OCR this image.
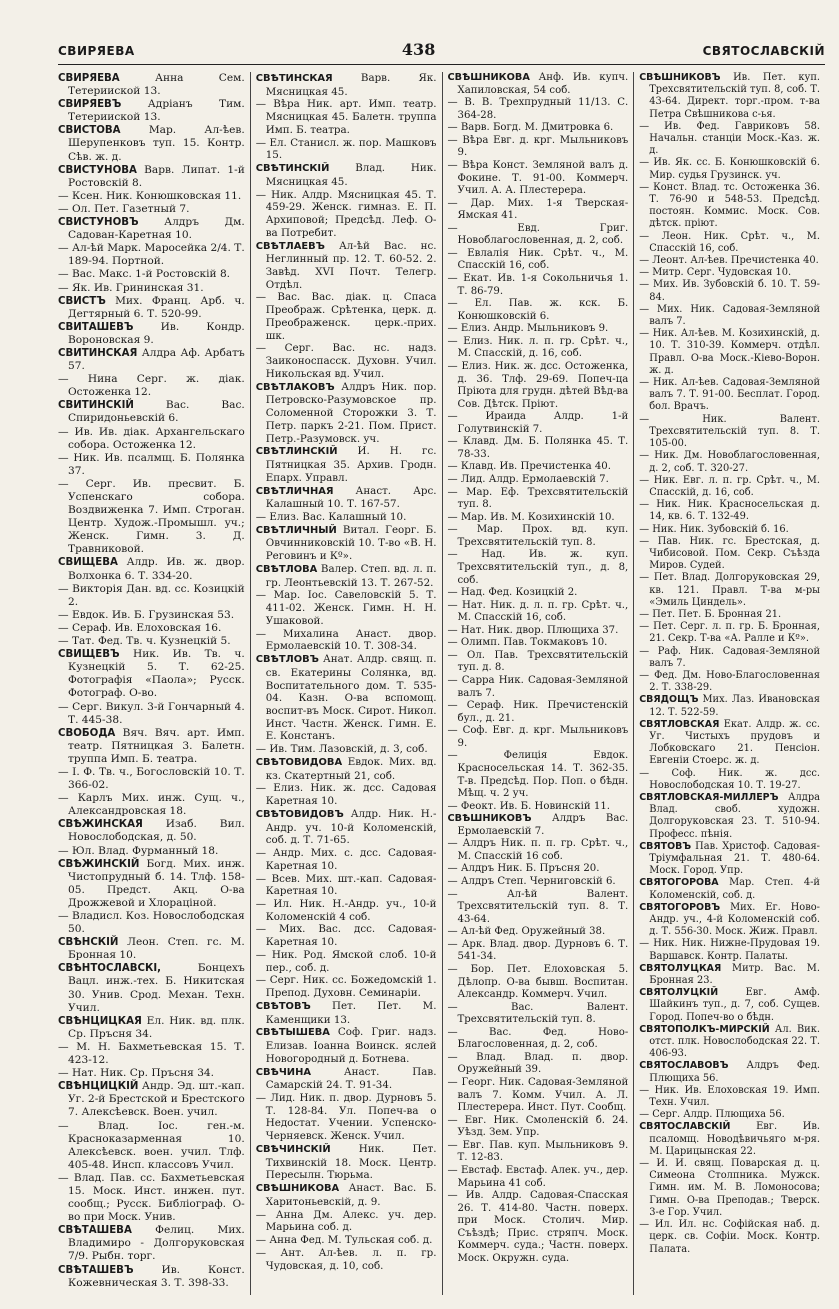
СВИРЯЕВА	438	СВЯТОСЛАВСКІЙ

СВИРЯЕВА Анна Сем. Тетерииской 13.

СВИРЯЕВЪ Адріанъ Тим. Тетерииской 13.

СВИСТОВА Мар. Ал-ѣев. Шерупенковъ туп. 15. Контр. Сѣв. ж. д.

СВИСТУНОВА Варв. Липат. 1-й Ростовскій 8.

— Ксен. Ник. Конюшковская 11.

— Ол. Пет. Газетный 7.

СВИСТУНОВЪ Алдръ Дм. Садован-Каретная 10.

— Ал-ѣй Марк. Маросейка 2/4. Т. 189-94. Портной.

— Вас. Макс. 1-й Ростовскій 8.

— Як. Ив. Грининская 31.

СВИСТЪ Мих. Франц. Арб. ч. Дегтярный 6. Т. 520-99.

СВИТАШЕВЪ Ив. Кондр. Вороновская 9.

СВИТИНСКАЯ Алдра Аф. Арбатъ 57.

— Нина Серг. ж. діак. Остоженка 12.

СВИТИНСКІЙ Вас. Вас. Спиридоньевскій 6.

— Ив. Ив. діак. Архангельскаго собора. Остоженка 12.

— Ник. Ив. псалмщ. Б. Полянка 37.

— Серг. Ив. пресвит. Б. Успенскаго собора. Воздвиженка 7. Имп. Строган. Центр. Худож.-Промышл. уч.; Женск. Гимн. 3. Д. Травниковой.

СВИЩЕВА Алдр. Ив. ж. двор. Волхонка 6. Т. 334-20.

— Викторія Дан. вд. сс. Козицкій 2.

— Евдок. Ив. Б. Грузинская 53.

— Сераф. Ив. Елоховская 16.

— Тат. Фед. Тв. ч. Кузнецкій 5.

СВИЩЕВЪ Ник. Ив. Тв. ч. Кузнецкій 5. Т. 62-25. Фотографія «Паола»; Русск. Фотограф. О-во.

— Серг. Викул. 3-й Гончарный 4. Т. 445-38.

СВОБОДА Вяч. Вяч. арт. Имп. театр. Пятницкая 3. Балетн. труппа Имп. Б. театра.

— І. Ф. Тв. ч., Богословскій 10. Т. 366-02.

— Карлъ Мих. инж. Сущ. ч., Александровская 18.

СВѢЖИНСКАЯ Изаб. Вил. Новослободская, д. 50.

— Юл. Влад. Фурманный 18.

СВѢЖИНСКІЙ Богд. Мих. инж. Чистопрудный б. 14. Тлф. 158-05. Предст. Акц. О-ва Дрожжевой и Хлораціной.

— Владисл. Коз. Новослободская 50.

СВѢНСКІЙ Леон. Степ. гс. М. Бронная 10.

СВѢНТОСЛАВСКІ, Бонцехъ Вацл. инж.-тех. Б. Никитская 30. Унив. Срод. Механ. Техн. Учил.

СВѢНЦИЦКАЯ Ел. Ник. вд. плк. Ср. Пръсня 34.

— М. Н. Бахметьевская 15. Т. 423-12.

— Нат. Ник. Ср. Пръсня 34.

СВѢНЦИЦКІЙ Андр. Эд. шт.-кап. Уг. 2-й Брестской и Брестского 7. Алексѣевск. Воен. учил.

— Влад. Іос. ген.-м. Красноказарменная 10. Алексѣевск. воен. учил. Тлф. 405-48. Инсп. классовъ Учил.

— Влад. Пав. сс. Бахметьевская 15. Моск. Инст. инжен. пут. сообщ.; Русск. Библіограф. О-во при Моск. Унив.

СВѢТАШЕВА Фелиц. Мих. Владимиро - Долгоруковская 7/9. Рыбн. торг.

СВѢТАШЕВЪ Ив. Конст. Кожевническая 3. Т. 398-33.

СВѢТИНСКАЯ Варв. Як. Мясницкая 45.

— Вѣра Ник. арт. Имп. театр. Мясницкая 45. Балетн. труппа Имп. Б. театра.

— Ел. Станисл. ж. пор. Машковъ 15.

СВѢТИНСКІЙ Влад. Ник. Мясницкая 45.

— Ник. Алдр. Мясницкая 45. Т. 459-29. Женск. гимназ. Е. П. Архиповой; Предсѣд. Леф. О-ва Потребит.

СВѢТЛАЕВЪ Ал-ѣй Вас. нс. Неглинный пр. 12. Т. 60-52. 2. Завѣд. XVI Почт. Телегр. Отдѣл.

— Вас. Вас. діак. ц. Спаса Преображ. Срѣтенка, церк. д. Преображенск. церк.-прих. шк.

— Серг. Вас. нс. надз. Заиконоспасск. Духовн. Учил. Никольская вд. Учил.

СВѢТЛАКОВЪ Алдръ Ник. пор. Петровско-Разумовское пр. Соломенной Сторожки 3. Т. Петр. паркъ 2-21. Пом. Прист. Петр.-Разумовск. уч.

СВѢТЛИНСКІЙ И. Н. гс. Пятницкая 35. Архив. Гродн. Епарх. Управл.

СВѢТЛИЧНАЯ Анаст. Арс. Калашный 10. Т. 167-57.

— Елиз. Вас. Калашный 10.

СВѢТЛИЧНЫЙ Витал. Георг. Б. Овчинниковскій 10. Т-во «В. Н. Реговинъ и Кº».

СВѢТЛОВА Валер. Степ. вд. л. п. гр. Леонтьевскій 13. Т. 267-52.

— Мар. Іос. Савеловскій 5. Т. 411-02. Женск. Гимн. Н. Н. Ушаковой.

— Михалина Анаст. двор. Ермолаевскій 10. Т. 308-34.

СВѢТЛОВЪ Анат. Алдр. свящ. п. св. Екатерины Солянка, вд. Воспитательного дом. Т. 535-04. Казн. О-ва вспомощ. воспит-въ Моск. Сирот. Никол. Инст. Частн. Женск. Гимн. Е. Е. Констанъ.

— Ив. Тим. Лазовскій, д. 3, соб.

СВѢТОВИДОВА Евдок. Мих. вд. кз. Скатертный 21, соб.

— Елиз. Ник. ж. дсс. Садовая Каретная 10.

СВѢТОВИДОВЪ Алдр. Ник. Н.-Андр. уч. 10-й Коломенскій, соб. д. Т. 71-65.

— Андр. Мих. с. дсс. Садовая-Каретная 10.

— Всев. Мих. шт.-кап. Садовая-Каретная 10.

— Ил. Ник. Н.-Андр. уч., 10-й Коломенскій 4 соб.

— Мих. Вас. дсс. Садовая-Каретная 10.

— Ник. Род. Ямской слоб. 10-й пер., соб. д.

— Серг. Ник. сс. Божедомскій 1. Препод. Духовн. Семинаріи.

СВѢТОВЪ Пет. Пет. М. Каменщики 13.

СВѢТЫШЕВА Соф. Григ. надз. Елизав. Іоанна Воинск. яслей Новогородный д. Ботнева.

СВѢЧИНА Анаст. Пав. Самарскій 24. Т. 91-34.

— Лид. Ник. п. двор. Дурновъ 5. Т. 128-84. Ул. Попеч-ва о Недостат. Учении. Успенско-Черняевск. Женск. Учил.

СВѢЧИНСКІЙ Ник. Пет. Тихвинскій 18. Моск. Центр. Пересылн. Тюрьма.

СВѢШНИКОВА Анаст. Вас. Б. Харитоньевскій, д. 9.

— Анна Дм. Алекс. уч. дер. Марьина соб. д.

— Анна Фед. М. Тульская соб. д.

— Ант. Ал-ѣев. л. п. гр. Чудовская, д. 10, соб.

СВѢШНИКОВА Анф. Ив. купч. Хапиловская, 54 соб.

— В. В. Трехпрудный 11/13. С. 364-28.

— Варв. Богд. М. Дмитровка 6.

— Вѣра Евг. д. крг. Мыльниковъ 9.

— Вѣра Конст. Земляной валъ д. Фокине. Т. 91-00. Коммерч. Учил. А. А. Плестерера.

— Дар. Мих. 1-я Тверская-Ямская 41.

— Евд. Григ. Новоблагословенная, д. 2, соб.

— Евлалія Ник. Срѣт. ч., М. Спасскій 16, соб.

— Екат. Ив. 1-я Сокольничья 1. Т. 86-79.

— Ел. Пав. ж. кск. Б. Конюшковскій 6.

— Елиз. Андр. Мыльниковъ 9.

— Елиз. Ник. л. п. гр. Срѣт. ч., М. Спасскій, д. 16, соб.

— Елиз. Ник. ж. дсс. Остоженка, д. 36. Тлф. 29-69. Попеч-ца Пріюта для грудн. дѣтей Вѣд-ва Сов. Дѣтск. Пріют.

— Ираида Алдр. 1-й Голутвинскій 7.

— Клавд. Дм. Б. Полянка 45. Т. 78-33.

— Клавд. Ив. Пречистенка 40.

— Лид. Алдр. Ермолаевскій 7.

— Мар. Еф. Трехсвятительскій туп. 8.

— Мар. Ив. М. Козихинскій 10.

— Мар. Прох. вд. куп. Трехсвятительскій туп. 8.

— Над. Ив. ж. куп. Трехсвятительскій туп., д. 8, соб.

— Над. Фед. Козицкій 2.

— Нат. Ник. д. л. п. гр. Срѣт. ч., М. Спасскій 16, соб.

— Нат. Ник. двор. Плющиха 37.

— Олимп. Пав. Токмаковъ 10.

— Ол. Пав. Трехсвятительскій туп. д. 8.

— Сарра Ник. Садовая-Земляной валъ 7.

— Сераф. Ник. Пречистенскій бул., д. 21.

— Соф. Евг. д. крг. Мыльниковъ 9.

— Фелиція Евдок. Красносельская 14. Т. 362-35. Т-в. Предсѣд. Пор. Поп. о бѣдн. Мѣщ. ч. 2 уч.

— Феокт. Ив. Б. Новинскій 11.

СВѢШНИКОВЪ Алдръ Вас. Ермолаевскій 7.

— Алдръ Ник. п. п. гр. Срѣт. ч., М. Спасскій 16 соб.

— Алдръ Ник. Б. Пръсня 20.

— Алдръ Степ. Черниговскій 6.

— Ал-ѣй Валент. Трехсвятительскій туп. 8. Т. 43-64.

— Ал-ѣй Фед. Оружейный 38.

— Арк. Влад. двор. Дурновъ 6. Т. 541-34.

— Бор. Пет. Елоховская 5. Дѣлопр. О-ва бывш. Воспитан. Александр. Коммерч. Учил.

— Вас. Валент. Трехсвятительскій туп. 8.

— Вас. Фед. Ново-Благословенная, д. 2, соб.

— Влад. Влад. п. двор. Оружейный 39.

— Георг. Ник. Садовая-Земляной валъ 7. Комм. Учил. А. Л. Плестерера. Инст. Пут. Сообщ.

— Евг. Ник. Смоленскій б. 24. Уѣзд. Зем. Упр.

— Евг. Пав. куп. Мыльниковъ 9. Т. 12-83.

— Евстаф. Евстаф. Алек. уч., дер. Марьина 41 соб.

— Ив. Алдр. Садовая-Спасская 26. Т. 414-80. Частн. поверх. при Моск. Столич. Мир. Съѣздѣ; Прис. стряпч. Моск. Коммерч. суда.; Частн. поверх. Моск. Окружн. суда.

СВѢШНИКОВЪ Ив. Пет. куп. Трехсвятительскій туп. 8, соб. Т. 43-64. Директ. торг.-пром. т-ва Петра Свѣшникова с-ья.

— Ив. Фед. Гавриковъ 58. Начальн. станціи Моск.-Каз. ж. д.

— Ив. Як. сс. Б. Конюшковскій 6. Мир. судья Грузинск. уч.

— Конст. Влад. тс. Остоженка 36. Т. 76-90 и 548-53. Предсѣд. постоян. Коммис. Моск. Сов. дѣтск. пріют.

— Леон. Ник. Срѣт. ч., М. Спасскій 16, соб.

— Леонт. Ал-ѣев. Пречистенка 40.

— Митр. Серг. Чудовская 10.

— Мих. Ив. Зубовскій б. 10. Т. 59-84.

— Мих. Ник. Садовая-Земляной валъ 7.

— Ник. Ал-ѣев. М. Козихинскій, д. 10. Т. 310-39. Коммерч. отдѣл. Правл. О-ва Моск.-Кіево-Ворон. ж. д.

— Ник. Ал-ѣев. Садовая-Земляной валъ 7. Т. 91-00. Бесплат. Город. бол. Врачъ.

— Ник. Валент. Трехсвятительскій туп. 8. Т. 105-00.

— Ник. Дм. Новоблагословенная, д. 2, соб. Т. 320-27.

— Ник. Евг. л. п. гр. Срѣт. ч., М. Спасскій, д. 16, соб.

— Ник. Ник. Красносельская д. 14, кв. 6. Т. 132-49.

— Ник. Ник. Зубовскій б. 16.

— Пав. Ник. гс. Брестская, д. Чибисовой. Пом. Секр. Съѣзда Миров. Судей.

— Пет. Влад. Долгоруковская 29, кв. 121. Правл. Т-ва м-ры «Эмиль Циндель».

— Пет. Пет. Б. Бронная 21.

— Пет. Серг. л. п. гр. Б. Бронная, 21. Секр. Т-ва «А. Ралле и Кº».

— Раф. Ник. Садовая-Земляной валъ 7.

— Фед. Дм. Ново-Благословенная 2. Т. 338-29.

СВЯДОЩЪ Мих. Лаз. Ивановская 12. Т. 522-59.

СВЯТЛОВСКАЯ Екат. Алдр. ж. сс. Уг. Чистыхъ прудовъ и Лобковскаго 21. Пенсіон. Евгеніи Стоерс. ж. д.

— Соф. Ник. ж. дсс. Новослободская 10. Т. 19-27.

СВЯТЛОВСКАЯ-МИЛЛЕРЪ Алдра Влад. своб. художн. Долгоруковская 23. Т. 510-94. Професс. пѣнія.

СВЯТОВЪ Пав. Христоф. Садовая-Тріумфальная 21. Т. 480-64. Моск. Город. Упр.

СВЯТОГОРОВА Мар. Степ. 4-й Коломенскій, соб. д.

СВЯТОГОРОВЪ Мих. Ег. Ново-Андр. уч., 4-й Коломенскій соб. д. Т. 556-30. Моск. Жиж. Правл.

— Ник. Ник. Нижне-Прудовая 19. Варшавск. Контр. Палаты.

СВЯТОЛУЦКАЯ Митр. Вас. М. Бронная 23.

СВЯТОЛУЦКІЙ Евг. Амф. Шайкинъ туп., д. 7, соб. Сущев. Город. Попеч-во о бѣдн.

СВЯТОПОЛКЪ-МИРСКІЙ Ал. Вик. отст. плк. Новослободская 22. Т. 406-93.

СВЯТОСЛАВОВЪ Алдръ Фед. Плющиха 56.

— Ник. Ив. Елоховская 19. Имп. Техн. Учил.

— Серг. Алдр. Плющиха 56.

СВЯТОСЛАВСКІЙ Евг. Ив. псаломщ. Новодѣвичьяго м-ря. М. Царицынская 22.

— И. И. свящ. Поварская д. ц. Симеона Столпника. Мужск. Гимн. им. М. В. Ломоносова; Гимн. О-ва Преподав.; Тверск. 3-е Гор. Учил.

— Ил. Ил. нс. Софійская наб. д. церк. св. Софіи. Моск. Контр. Палата.
